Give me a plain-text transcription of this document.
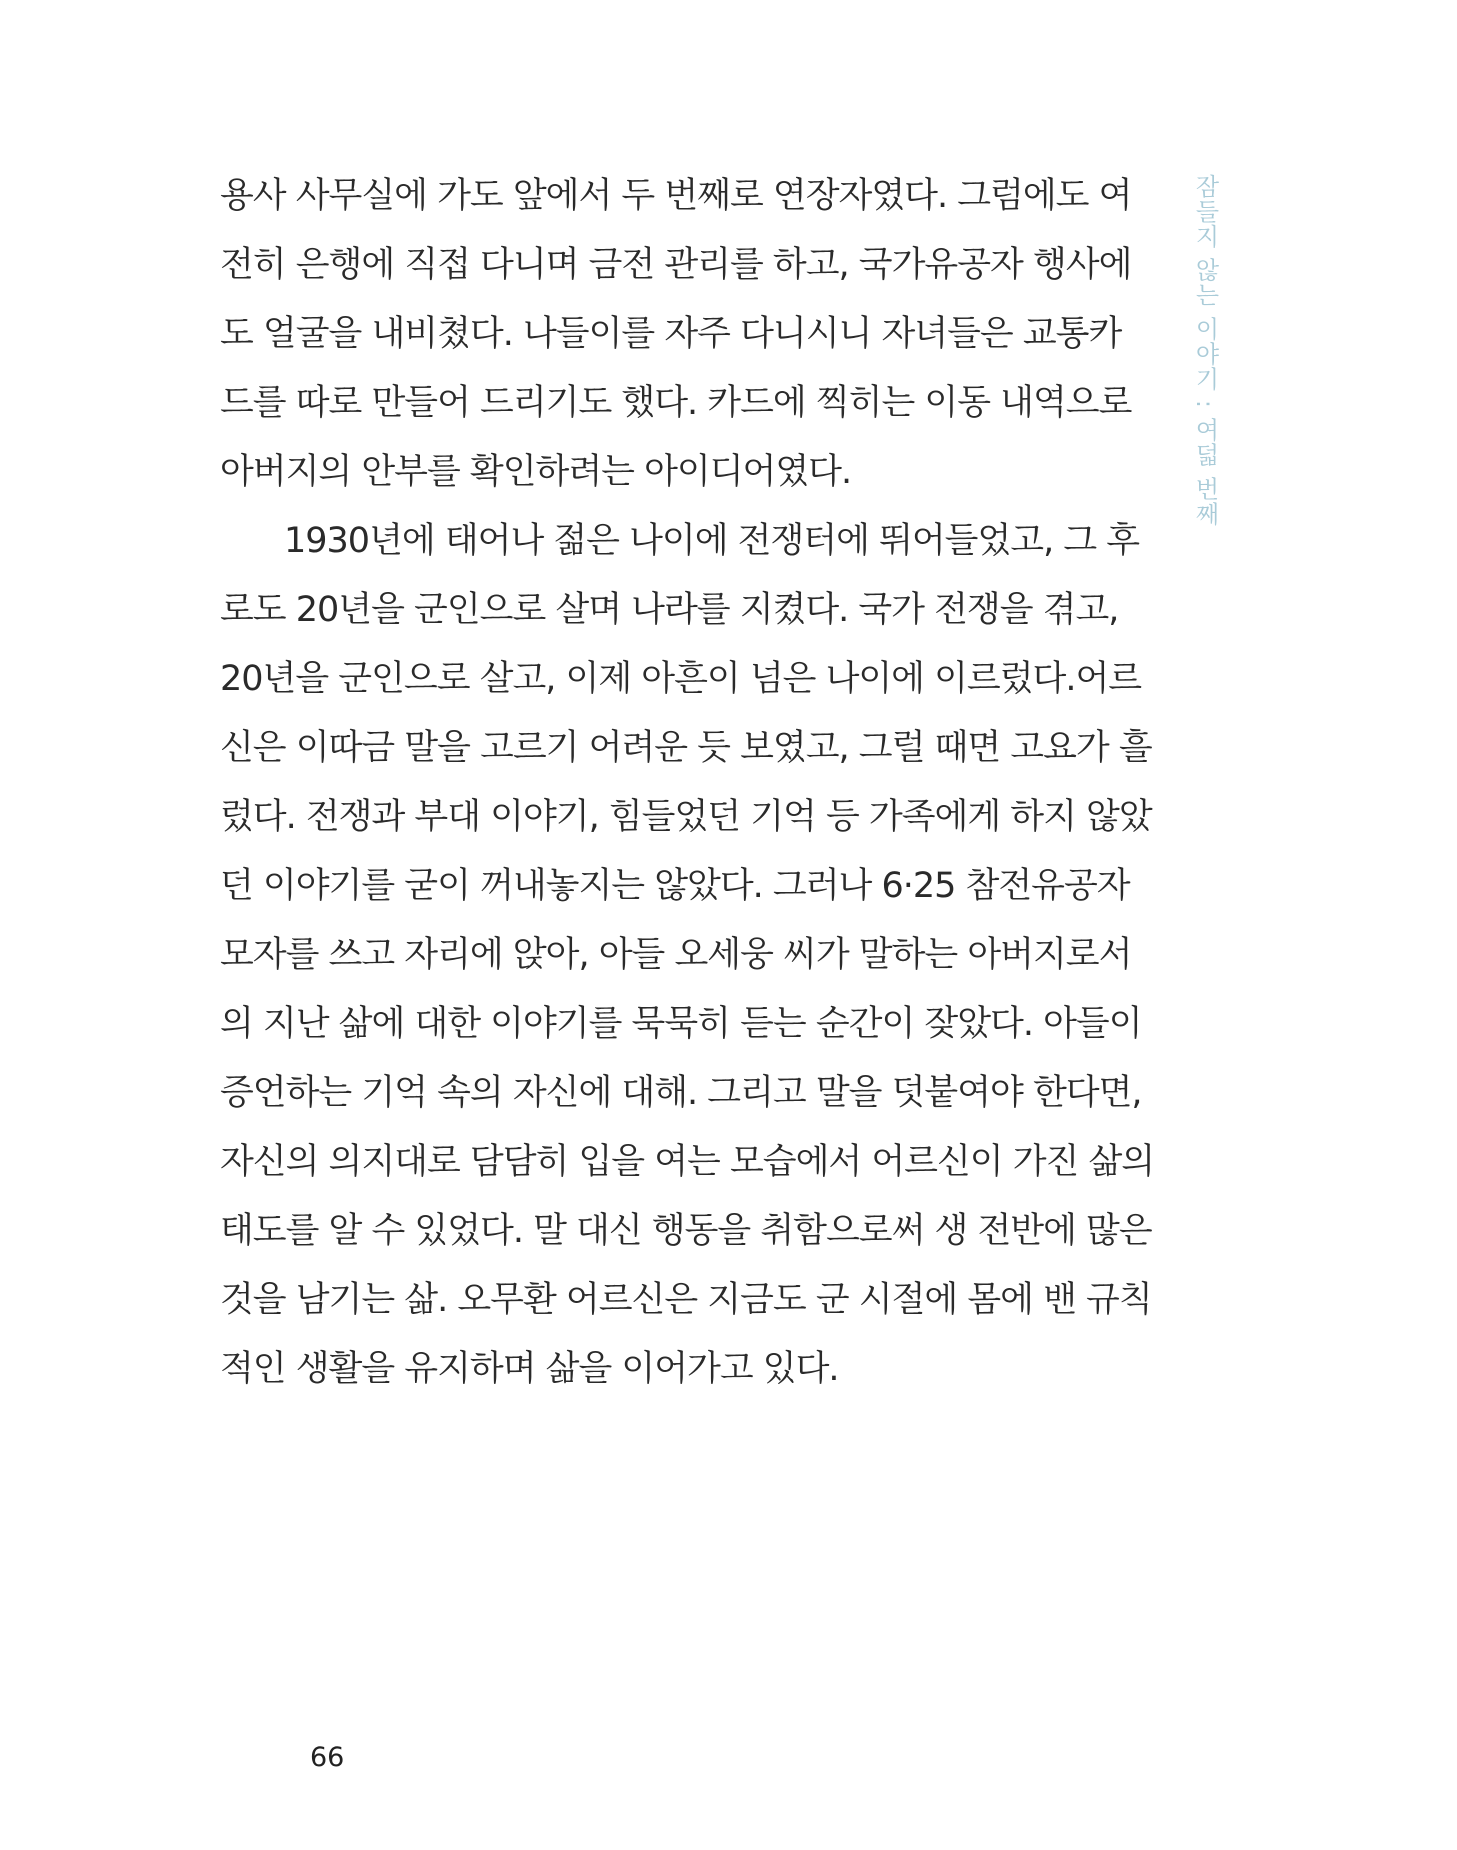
용사 사무실에 가도 앞에서 두 번째로 연장자였다. 그럼에도 여
전히 은행에 직접 다니며 금전 관리를 하고, 국가유공자 행사에
도 얼굴을 내비쳤다. 나들이를 자주 다니시니 자녀들은 교통카
드를 따로 만들어 드리기도 했다. 카드에 찍히는 이동 내역으로
아버지의 안부를 확인하려는 아이디어였다.
1930년에 태어나 젊은 나이에 전쟁터에 뛰어들었고, 그 후
로도 20년을 군인으로 살며 나라를 지켰다. 국가 전쟁을 겪고,
20년을 군인으로 살고, 이제 아흔이 넘은 나이에 이르렀다.어르
신은 이따금 말을 고르기 어려운 듯 보였고, 그럴 때면 고요가 흘
렀다. 전쟁과 부대 이야기, 힘들었던 기억 등 가족에게 하지 않았
던 이야기를 굳이 꺼내놓지는 않았다. 그러나 6·25 참전유공자
모자를 쓰고 자리에 앉아, 아들 오세웅 씨가 말하는 아버지로서
의 지난 삶에 대한 이야기를 묵묵히 듣는 순간이 잦았다. 아들이
증언하는 기억 속의 자신에 대해. 그리고 말을 덧붙여야 한다면,
자신의 의지대로 담담히 입을 여는 모습에서 어르신이 가진 삶의
태도를 알 수 있었다. 말 대신 행동을 취함으로써 생 전반에 많은
것을 남기는 삶. 오무환 어르신은 지금도 군 시절에 몸에 밴 규칙
적인 생활을 유지하며 삶을 이어가고 있다.
잠들지 않는 이야기 : 여덟 번째
66
